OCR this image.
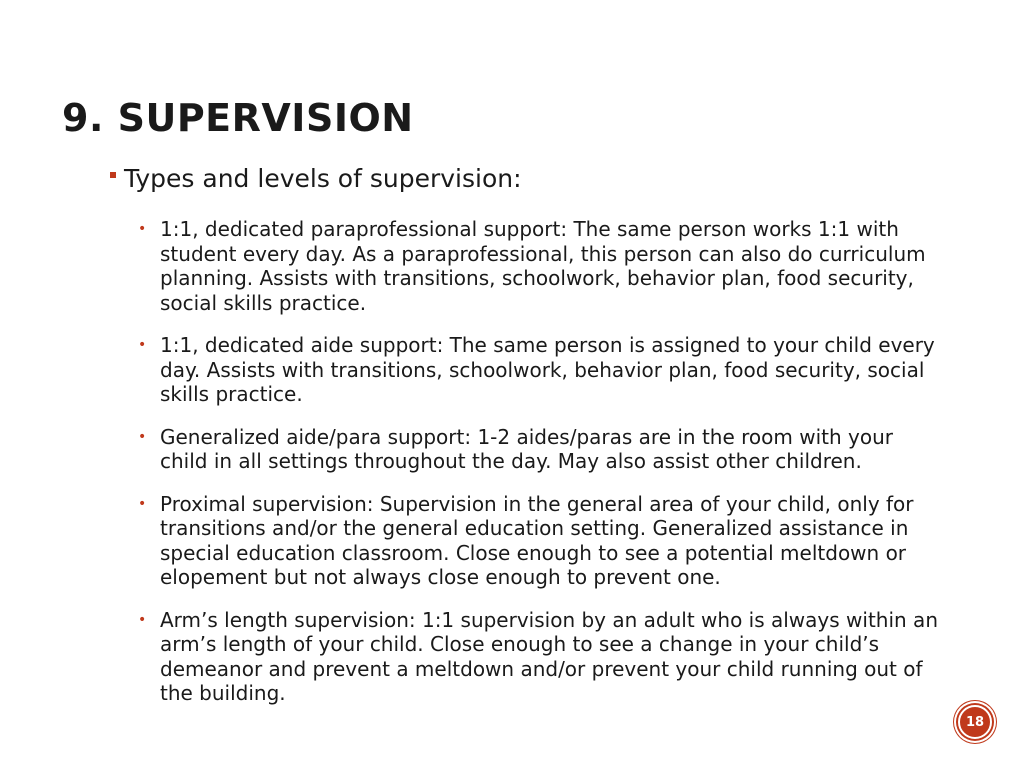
9. SUPERVISION
Types and levels of supervision:
• 1:1, dedicated paraprofessional support: The same person works 1:1 with student every day. As a paraprofessional, this person can also do curriculum planning. Assists with transitions, schoolwork, behavior plan, food security, social skills practice.
• 1:1, dedicated aide support: The same person is assigned to your child every day. Assists with transitions, schoolwork, behavior plan, food security, social skills practice.
• Generalized aide/para support: 1-2 aides/paras are in the room with your child in all settings throughout the day. May also assist other children.
• Proximal supervision: Supervision in the general area of your child, only for transitions and/or the general education setting. Generalized assistance in special education classroom. Close enough to see a potential meltdown or elopement but not always close enough to prevent one.
• Arm’s length supervision: 1:1 supervision by an adult who is always within an arm’s length of your child. Close enough to see a change in your child’s demeanor and prevent a meltdown and/or prevent your child running out of the building.
18
